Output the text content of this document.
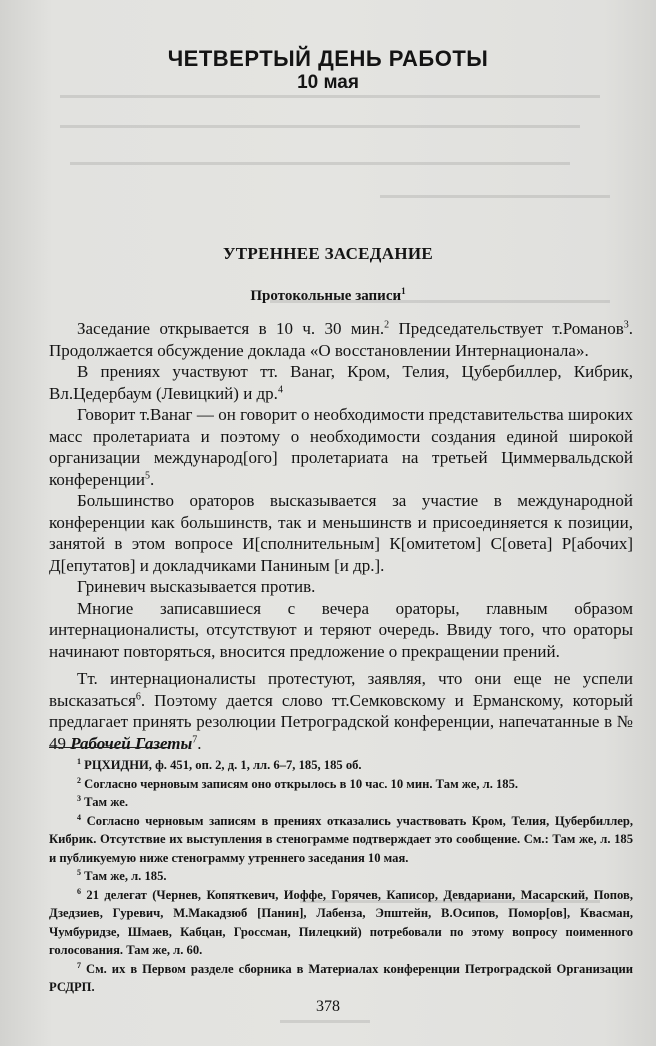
ЧЕТВЕРТЫЙ ДЕНЬ РАБОТЫ
10 мая
УТРЕННЕЕ ЗАСЕДАНИЕ
Протокольные записи$^1$

Заседание открывается в 10 ч. 30 мин.$^2$ Председательствует т.Романов$^3$. Продолжается обсуждение доклада «О восстановлении Интернационала».

В прениях участвуют тт. Ванаг, Кром, Телия, Цубербиллер, Кибрик, Вл.Цедербаум (Левицкий) и др.$^4$

Говорит т.Ванаг — он говорит о необходимости представительства широких масс пролетариата и поэтому о необходимости создания единой широкой организации международ[ого] пролетариата на третьей Циммервальдской конференции$^5$.

Большинство ораторов высказывается за участие в международной конференции как большинств, так и меньшинств и присоединяется к позиции, занятой в этом вопросе И[сполнительным] К[омитетом] С[овета] Р[абочих] Д[епутатов] и докладчиками Паниным [и др.].

Гриневич высказывается против.

Многие записавшиеся с вечера ораторы, главным образом интернационалисты, отсутствуют и теряют очередь. Ввиду того, что ораторы начинают повторяться, вносится предложение о прекращении прений.

Тт. интернационалисты протестуют, заявляя, что они еще не успели высказаться$^6$. Поэтому дается слово тт.Семковскому и Ерманскому, который предлагает принять резолюции Петроградской конференции, напечатанные в № 49 Рабочей Газеты$^7$.

$^1$ РЦХИДНИ, ф. 451, оп. 2, д. 1, лл. 6–7, 185, 185 об.

$^2$ Согласно черновым записям оно открылось в 10 час. 10 мин. Там же, л. 185.

$^3$ Там же.

$^4$ Согласно черновым записям в прениях отказались участвовать Кром, Телия, Цубербиллер, Кибрик. Отсутствие их выступления в стенограмме подтверждает это сообщение. См.: Там же, л. 185 и публикуемую ниже стенограмму утреннего заседания 10 мая.

$^5$ Там же, л. 185.

$^6$ 21 делегат (Чернев, Копяткевич, Иоффе, Горячев, Каписор, Девдариани, Масарский, Попов, Дзедзиев, Гуревич, М.Макадзюб [Панин], Лабенза, Эпштейн, В.Осипов, Помор[ов], Квасман, Чумбуридзе, Шмаев, Кабцан, Гроссман, Пилецкий) потребовали по этому вопросу поименного голосования. Там же, л. 60.

$^7$ См. их в Первом разделе сборника в Материалах конференции Петроградской Организации РСДРП.

378
